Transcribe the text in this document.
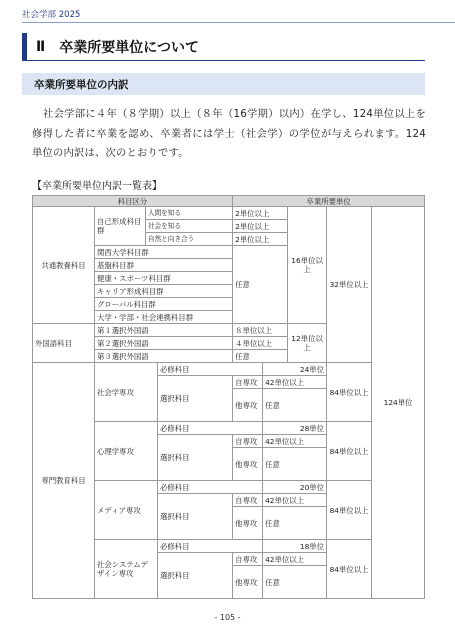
社会学部 2025
Ⅱ 卒業所要単位について
卒業所要単位の内訳

社会学部に４年（８学期）以上（８年（16学期）以内）在学し、124単位以上を修得した者に卒業を認め、卒業者には学士（社会学）の学位が与えられます。124単位の内訳は、次のとおりです。

【卒業所要単位内訳一覧表】
科目区分				卒業所要単位					
共通教養科目	自己形成科目群	人間を知る		2単位以上		16単位以上	32単位以上	124単位	
		社会を知る		2単位以上					
		自然と向き合う		2単位以上					
	関西大学科目群			任意					
	基盤科目群								
	健康・スポーツ科目群								
	キャリア形成科目群								
	グローバル科目群								
	大学・学部・社会連携科目群								
外国語科目	第１選択外国語			８単位以上		12単位以上			
	第２選択外国語			４単位以上					
	第３選択外国語			任意					
専門教育科目	社会学専攻		必修科目		24単位		84単位以上		
			選択科目	自専攻	42単位以上	
				他専攻	任意				

	心理学専攻		必修科目		28単位		84単位以上		
			選択科目	自専攻	42単位以上	
				他専攻	任意				

	メディア専攻		必修科目		20単位		84単位以上		
			選択科目	自専攻	42単位以上	
				他専攻	任意				

	社会システムデザイン専攻		必修科目		18単位		84単位以上		
			選択科目	自専攻	42単位以上	
				他専攻	任意				

- 105 -
